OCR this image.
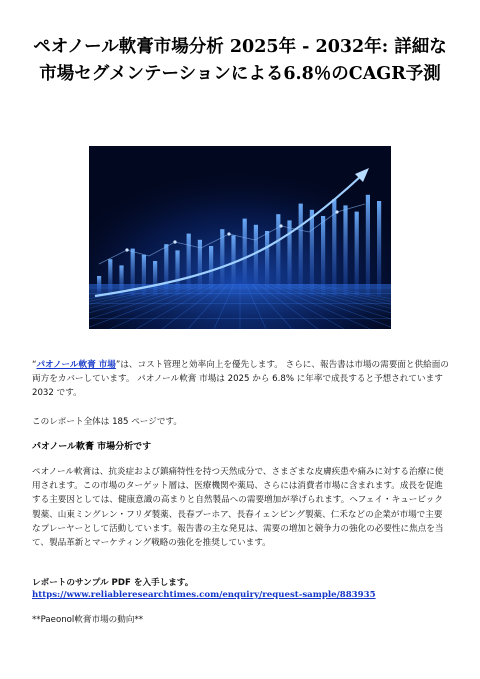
ペオノール軟膏市場分析 2025年 - 2032年: 詳細な市場セグメンテーションによる6.8％のCAGR予測

“パオノール軟膏 市場”は、コスト管理と効率向上を優先します。 さらに、報告書は市場の需要面と供給面の両方をカバーしています。 パオノール軟膏 市場は 2025 から 6.8% に年率で成長すると予想されています2032 です。

このレポート全体は 185 ページです。

パオノール軟膏 市場分析です

ペオノール軟膏は、抗炎症および鎮痛特性を持つ天然成分で、さまざまな皮膚疾患や痛みに対する治療に使用されます。この市場のターゲット層は、医療機関や薬局、さらには消費者市場に含まれます。成長を促進する主要因としては、健康意識の高まりと自然製品への需要増加が挙げられます。ヘフェイ・キュービック製薬、山東ミングレン・フリダ製薬、長春プーホア、長春イェンピング製薬、仁禾などの企業が市場で主要なプレーヤーとして活動しています。報告書の主な発見は、需要の増加と競争力の強化の必要性に焦点を当て、製品革新とマーケティング戦略の強化を推奨しています。

レポートのサンプル PDF を入手します。 https://www.reliableresearchtimes.com/enquiry/request-sample/883935

**Paeonol軟膏市場の動向**
